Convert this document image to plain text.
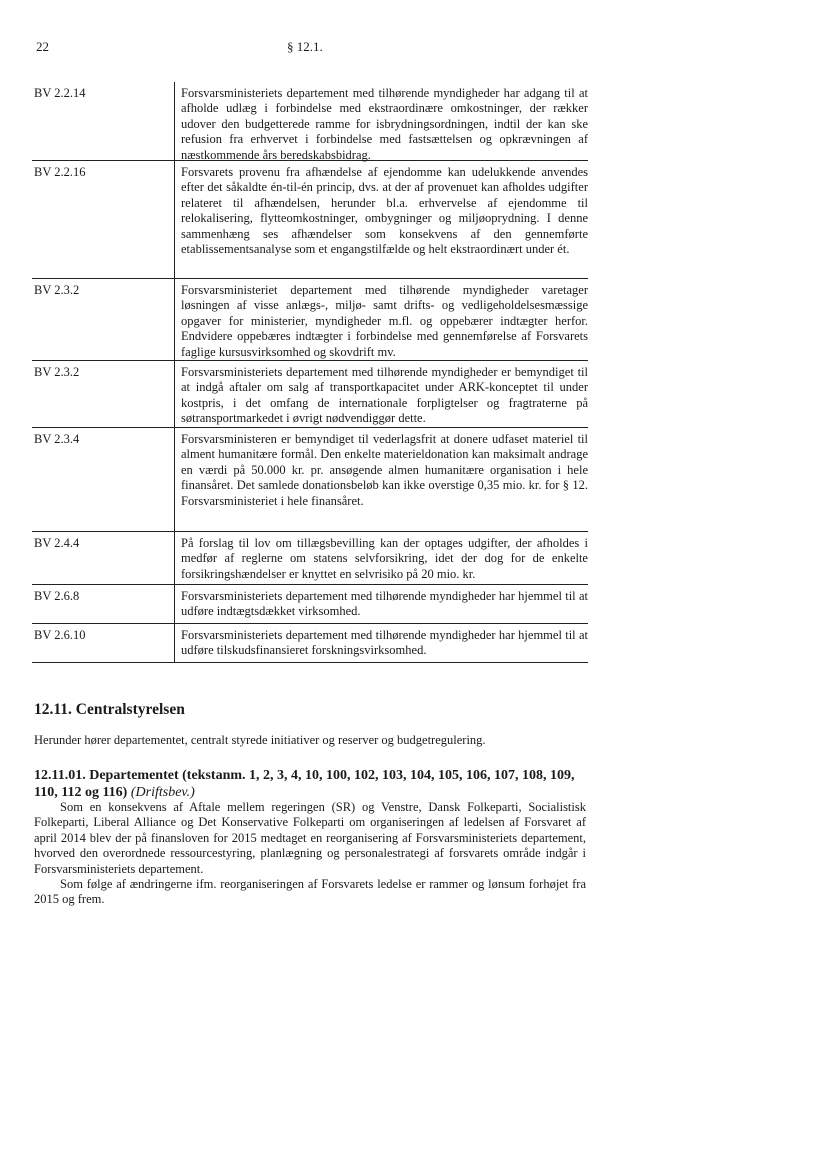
22	§ 12.1.
BV 2.2.14	Forsvarsministeriets departement med tilhørende myndigheder har adgang til at afholde udlæg i forbindelse med ekstraordinære omkostninger, der rækker udover den budgetterede ramme for isbrydningsordningen, indtil der kan ske refusion fra erhvervet i forbindelse med fastsættelsen og opkrævningen af næstkommende års beredskabsbidrag.
BV 2.2.16	Forsvarets provenu fra afhændelse af ejendomme kan udelukkende anvendes efter det såkaldte én-til-én princip, dvs. at der af provenuet kan afholdes udgifter relateret til afhændelsen, herunder bl.a. erhvervelse af ejendomme til relokalisering, flytteomkostninger, ombygninger og miljøoprydning. I denne sammenhæng ses afhændelser som konsekvens af den gennemførte etablissementsanalyse som et engangstilfælde og helt ekstraordinært under ét.
BV 2.3.2	Forsvarsministeriet departement med tilhørende myndigheder varetager løsningen af visse anlægs-, miljø- samt drifts- og vedligeholdelsesmæssige opgaver for ministerier, myndigheder m.fl. og oppebærer indtægter herfor. Endvidere oppebæres indtægter i forbindelse med gennemførelse af Forsvarets faglige kursusvirksomhed og skovdrift mv.
BV 2.3.2	Forsvarsministeriets departement med tilhørende myndigheder er bemyndiget til at indgå aftaler om salg af transportkapacitet under ARK-konceptet til under kostpris, i det omfang de internationale forpligtelser og fragtraterne på søtransportmarkedet i øvrigt nødvendiggør dette.
BV 2.3.4	Forsvarsministeren er bemyndiget til vederlagsfrit at donere udfaset materiel til alment humanitære formål. Den enkelte materieldonation kan maksimalt andrage en værdi på 50.000 kr. pr. ansøgende almen humanitære organisation i hele finansåret. Det samlede donationsbeløb kan ikke overstige 0,35 mio. kr. for § 12. Forsvarsministeriet i hele finansåret.
BV 2.4.4	På forslag til lov om tillægsbevilling kan der optages udgifter, der afholdes i medfør af reglerne om statens selvforsikring, idet der dog for de enkelte forsikringshændelser er knyttet en selvrisiko på 20 mio. kr.
BV 2.6.8	Forsvarsministeriets departement med tilhørende myndigheder har hjemmel til at udføre indtægtsdækket virksomhed.
BV 2.6.10	Forsvarsministeriets departement med tilhørende myndigheder har hjemmel til at udføre tilskudsfinansieret forskningsvirksomhed.
12.11. Centralstyrelsen

Herunder hører departementet, centralt styrede initiativer og reserver og budgetregulering.

12.11.01. Departementet (tekstanm. 1, 2, 3, 4, 10, 100, 102, 103, 104, 105, 106, 107, 108, 109, 110, 112 og 116) (Driftsbev.)

Som en konsekvens af Aftale mellem regeringen (SR) og Venstre, Dansk Folkeparti, Socialistisk Folkeparti, Liberal Alliance og Det Konservative Folkeparti om organiseringen af ledelsen af Forsvaret af april 2014 blev der på finansloven for 2015 medtaget en reorganisering af Forsvarsministeriets departement, hvorved den overordnede ressourcestyring, planlægning og personalestrategi af forsvarets område indgår i Forsvarsministeriets departement.

Som følge af ændringerne ifm. reorganiseringen af Forsvarets ledelse er rammer og lønsum forhøjet fra 2015 og frem.
